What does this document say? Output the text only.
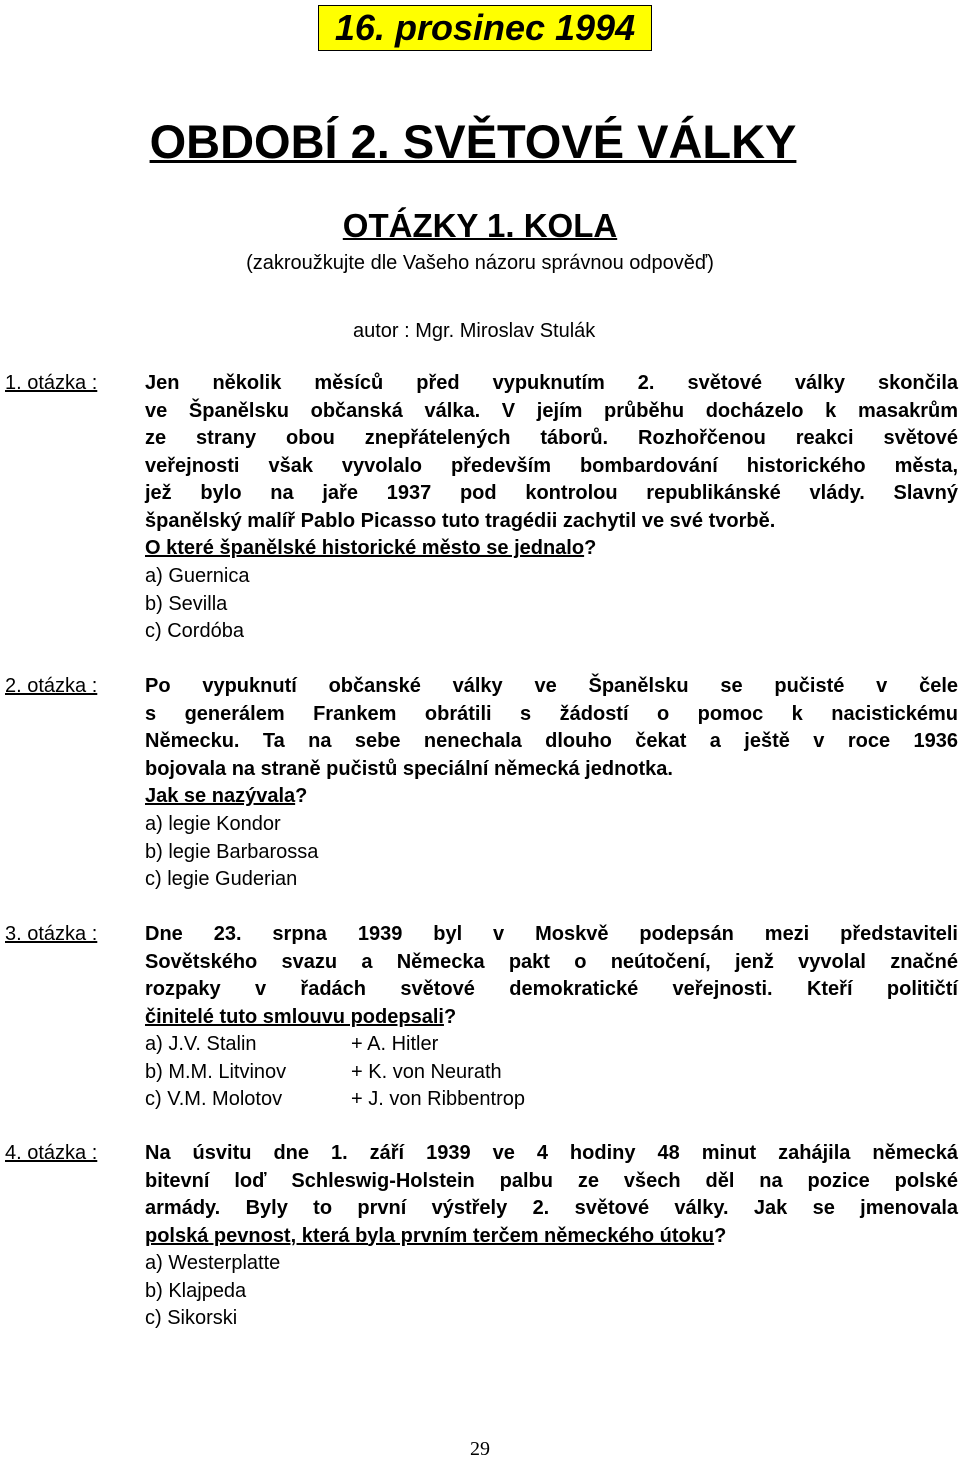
16. prosinec 1994
OBDOBÍ 2. SVĚTOVÉ VÁLKY
OTÁZKY 1. KOLA
(zakroužkujte dle Vašeho názoru správnou odpověď)
autor : Mgr. Miroslav Stulák
1. otázka : Jen několik měsíců před vypuknutím 2. světové války skončila
ve Španělsku občanská válka. V jejím průběhu docházelo k masakrům
ze strany obou znepřátelených táborů. Rozhořčenou reakci světové
veřejnosti však vyvolalo především bombardování historického města,
jež bylo na jaře 1937 pod kontrolou republikánské vlády. Slavný
španělský malíř Pablo Picasso tuto tragédii zachytil ve své tvorbě.
O které španělské historické město se jednalo?
a) Guernica
b) Sevilla
c) Cordóba
2. otázka : Po vypuknutí občanské války ve Španělsku se pučisté v čele
s generálem Frankem obrátili s žádostí o pomoc k nacistickému
Německu. Ta na sebe nenechala dlouho čekat a ještě v roce 1936
bojovala na straně pučistů speciální německá jednotka.
Jak se nazývala?
a) legie Kondor
b) legie Barbarossa
c) legie Guderian
3. otázka : Dne 23. srpna 1939 byl v Moskvě podepsán mezi představiteli
Sovětského svazu a Německa pakt o neútočení, jenž vyvolal značné
rozpaky v řadách světové demokratické veřejnosti. Kteří političtí
činitelé tuto smlouvu podepsali?
a) J.V. Stalin	+ A. Hitler
b) M.M. Litvinov	+ K. von Neurath
c) V.M. Molotov	+ J. von Ribbentrop
4. otázka : Na úsvitu dne 1. září 1939 ve 4 hodiny 48 minut zahájila německá
bitevní loď Schleswig-Holstein palbu ze všech děl na pozice polské
armády. Byly to první výstřely 2. světové války. Jak se jmenovala
polská pevnost, která byla prvním terčem německého útoku?
a) Westerplatte
b) Klajpeda
c) Sikorski
29
